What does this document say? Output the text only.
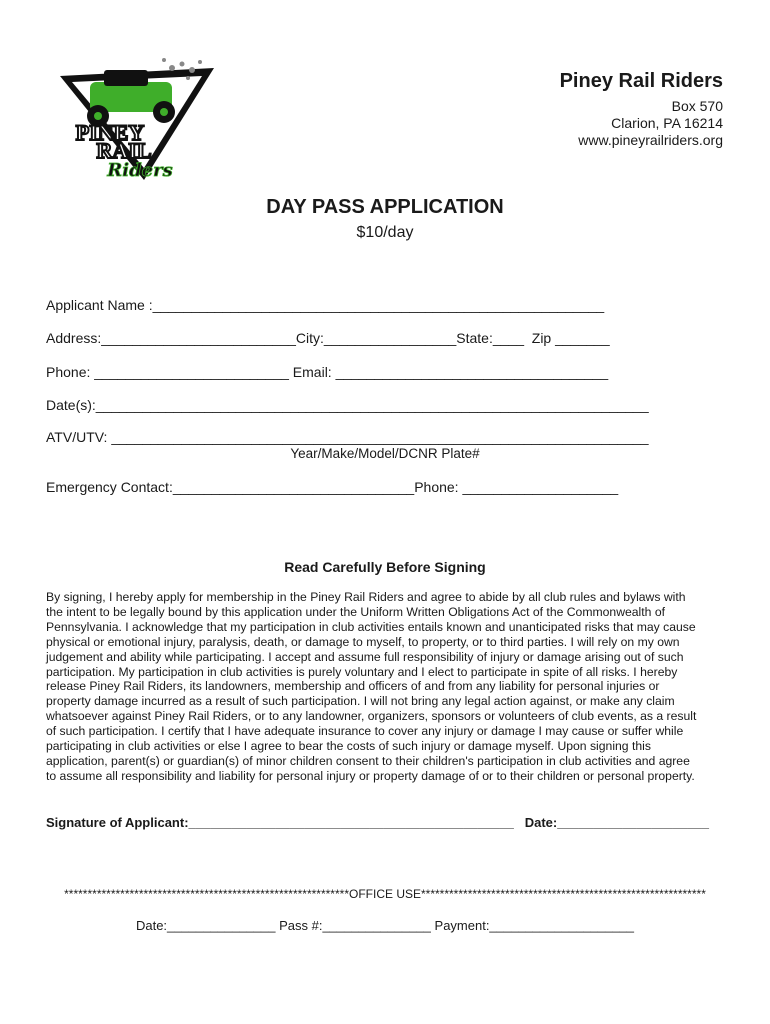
PINEY
RAIL
Riders
Piney Rail Riders
Box 570
Clarion, PA 16214
www.pineyrailriders.org
DAY PASS APPLICATION
$10/day
Applicant Name :__________________________________________________________
Address:_________________________City:_________________State:____  Zip _______
Phone: _________________________ Email: ___________________________________
Date(s):_______________________________________________________________________
ATV/UTV: _____________________________________________________________________
Year/Make/Model/DCNR Plate#
Emergency Contact:_______________________________Phone: ____________________
Read Carefully Before Signing
By signing, I hereby apply for membership in the Piney Rail Riders and agree to abide by all club rules and bylaws with
the intent to be legally bound by this application under the Uniform Written Obligations Act of the Commonwealth of
Pennsylvania. I acknowledge that my participation in club activities entails known and unanticipated risks that may cause
physical or emotional injury, paralysis, death, or damage to myself, to property, or to third parties. I will rely on my own
judgement and ability while participating. I accept and assume full responsibility of injury or damage arising out of such
participation. My participation in club activities is purely voluntary and I elect to participate in spite of all risks. I hereby
release Piney Rail Riders, its landowners, membership and officers of and from any liability for personal injuries or
property damage incurred as a result of such participation. I will not bring any legal action against, or make any claim
whatsoever against Piney Rail Riders, or to any landowner, organizers, sponsors or volunteers of club events, as a result
of such participation. I certify that I have adequate insurance to cover any injury or damage I may cause or suffer while
participating in club activities or else I agree to bear the costs of such injury or damage myself. Upon signing this
application, parent(s) or guardian(s) of minor children consent to their children's participation in club activities and agree
to assume all responsibility and liability for personal injury or property damage of or to their children or personal property.
Signature of Applicant:_____________________________________________   Date:_____________________
*************************************************************OFFICE USE*************************************************************
Date:_______________ Pass #:_______________ Payment:____________________
